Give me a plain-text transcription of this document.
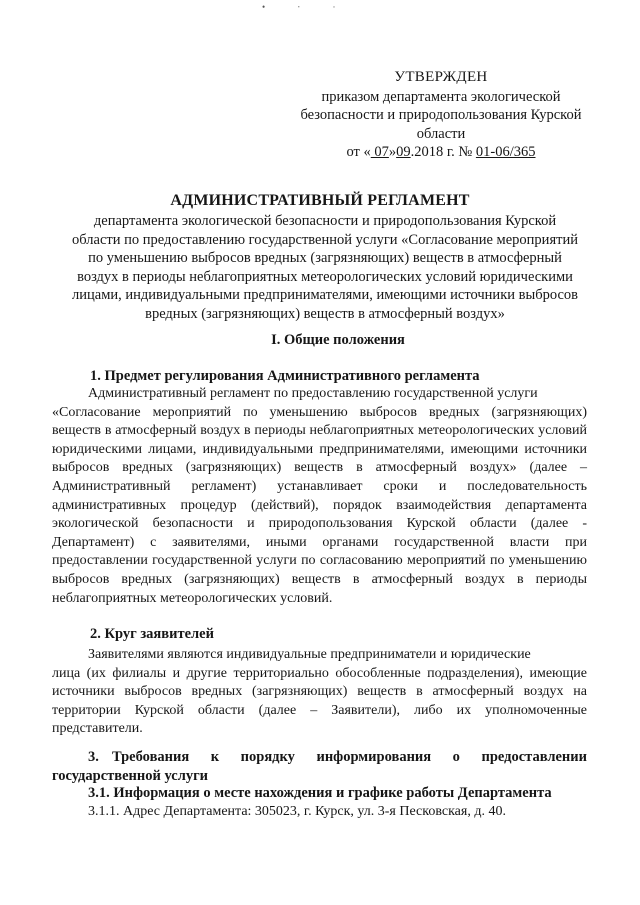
• ‧ ·
УТВЕРЖДЕН
приказом департамента экологической
безопасности и природопользования Курской
области
от « 07»09.2018 г. № 01-06/365
АДМИНИСТРАТИВНЫЙ РЕГЛАМЕНТ
департамента экологической безопасности и природопользования Курской области по предоставлению государственной услуги «Согласование мероприятий по уменьшению выбросов вредных (загрязняющих) веществ в атмосферный воздух в периоды неблагоприятных метеорологических условий юридическими лицами, индивидуальными предпринимателями, имеющими источники выбросов вредных (загрязняющих) веществ в атмосферный воздух»
I. Общие положения
1. Предмет регулирования Административного регламента
Административный регламент по предоставлению государственной услуги
«Согласование мероприятий по уменьшению выбросов вредных (загрязняющих) веществ в атмосферный воздух в периоды неблагоприятных метеорологических условий юридическими лицами, индивидуальными предпринимателями, имеющими источники выбросов вредных (загрязняющих) веществ в атмосферный воздух» (далее – Административный регламент) устанавливает сроки и последовательность административных процедур (действий), порядок взаимодействия департамента экологической безопасности и природопользования Курской области (далее - Департамент) с заявителями, иными органами государственной власти при предоставлении государственной услуги по согласованию мероприятий по уменьшению выбросов вредных (загрязняющих) веществ в атмосферный воздух в периоды неблагоприятных метеорологических условий.
2. Круг заявителей
Заявителями являются индивидуальные предприниматели и юридические
лица (их филиалы и другие территориально обособленные подразделения), имеющие источники выбросов вредных (загрязняющих) веществ в атмосферный воздух на территории Курской области (далее – Заявители), либо их уполномоченные представители.
3. Требования к порядку информирования о предоставлении государственной услуги
3.1. Информация о месте нахождения и графике работы Департамента
3.1.1. Адрес Департамента: 305023, г. Курск, ул. 3-я Песковская, д. 40.
